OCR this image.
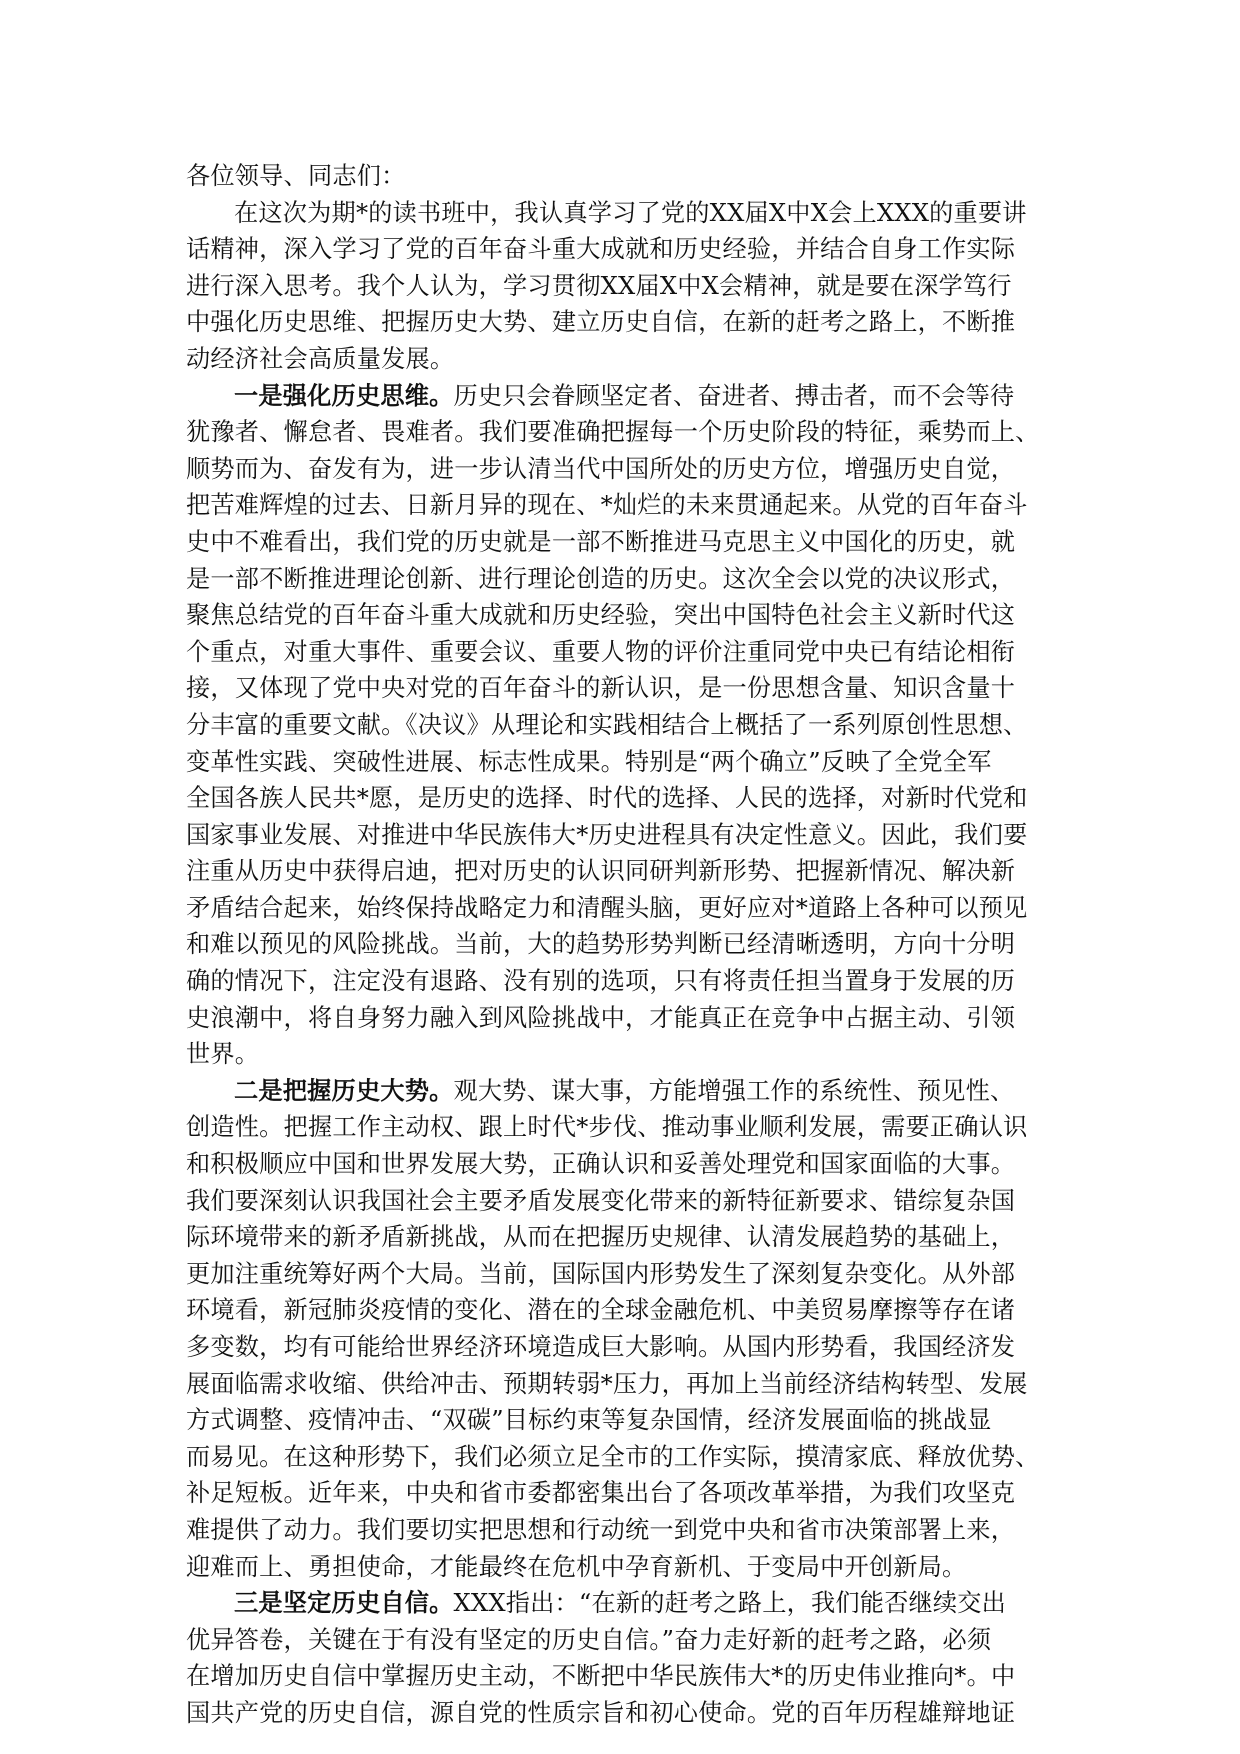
各位领导、同志们：
在这次为期*的读书班中，我认真学习了党的XX届X中X会上XXX的重要讲
话精神，深入学习了党的百年奋斗重大成就和历史经验，并结合自身工作实际
进行深入思考。我个人认为，学习贯彻XX届X中X会精神，就是要在深学笃行
中强化历史思维、把握历史大势、建立历史自信，在新的赶考之路上，不断推
动经济社会高质量发展。
一是强化历史思维。历史只会眷顾坚定者、奋进者、搏击者，而不会等待
犹豫者、懈怠者、畏难者。我们要准确把握每一个历史阶段的特征，乘势而上、
顺势而为、奋发有为，进一步认清当代中国所处的历史方位，增强历史自觉，
把苦难辉煌的过去、日新月异的现在、*灿烂的未来贯通起来。从党的百年奋斗
史中不难看出，我们党的历史就是一部不断推进马克思主义中国化的历史，就
是一部不断推进理论创新、进行理论创造的历史。这次全会以党的决议形式，
聚焦总结党的百年奋斗重大成就和历史经验，突出中国特色社会主义新时代这
个重点，对重大事件、重要会议、重要人物的评价注重同党中央已有结论相衔
接，又体现了党中央对党的百年奋斗的新认识，是一份思想含量、知识含量十
分丰富的重要文献。《决议》从理论和实践相结合上概括了一系列原创性思想、
变革性实践、突破性进展、标志性成果。特别是“两个确立”反映了全党全军
全国各族人民共*愿，是历史的选择、时代的选择、人民的选择，对新时代党和
国家事业发展、对推进中华民族伟大*历史进程具有决定性意义。因此，我们要
注重从历史中获得启迪，把对历史的认识同研判新形势、把握新情况、解决新
矛盾结合起来，始终保持战略定力和清醒头脑，更好应对*道路上各种可以预见
和难以预见的风险挑战。当前，大的趋势形势判断已经清晰透明，方向十分明
确的情况下，注定没有退路、没有别的选项，只有将责任担当置身于发展的历
史浪潮中，将自身努力融入到风险挑战中，才能真正在竞争中占据主动、引领
世界。
二是把握历史大势。观大势、谋大事，方能增强工作的系统性、预见性、
创造性。把握工作主动权、跟上时代*步伐、推动事业顺利发展，需要正确认识
和积极顺应中国和世界发展大势，正确认识和妥善处理党和国家面临的大事。
我们要深刻认识我国社会主要矛盾发展变化带来的新特征新要求、错综复杂国
际环境带来的新矛盾新挑战，从而在把握历史规律、认清发展趋势的基础上，
更加注重统筹好两个大局。当前，国际国内形势发生了深刻复杂变化。从外部
环境看，新冠肺炎疫情的变化、潜在的全球金融危机、中美贸易摩擦等存在诸
多变数，均有可能给世界经济环境造成巨大影响。从国内形势看，我国经济发
展面临需求收缩、供给冲击、预期转弱*压力，再加上当前经济结构转型、发展
方式调整、疫情冲击、“双碳”目标约束等复杂国情，经济发展面临的挑战显
而易见。在这种形势下，我们必须立足全市的工作实际，摸清家底、释放优势、
补足短板。近年来，中央和省市委都密集出台了各项改革举措，为我们攻坚克
难提供了动力。我们要切实把思想和行动统一到党中央和省市决策部署上来，
迎难而上、勇担使命，才能最终在危机中孕育新机、于变局中开创新局。
三是坚定历史自信。XXX指出：“在新的赶考之路上，我们能否继续交出
优异答卷，关键在于有没有坚定的历史自信。”奋力走好新的赶考之路，必须
在增加历史自信中掌握历史主动，不断把中华民族伟大*的历史伟业推向*。中
国共产党的历史自信，源自党的性质宗旨和初心使命。党的百年历程雄辩地证
